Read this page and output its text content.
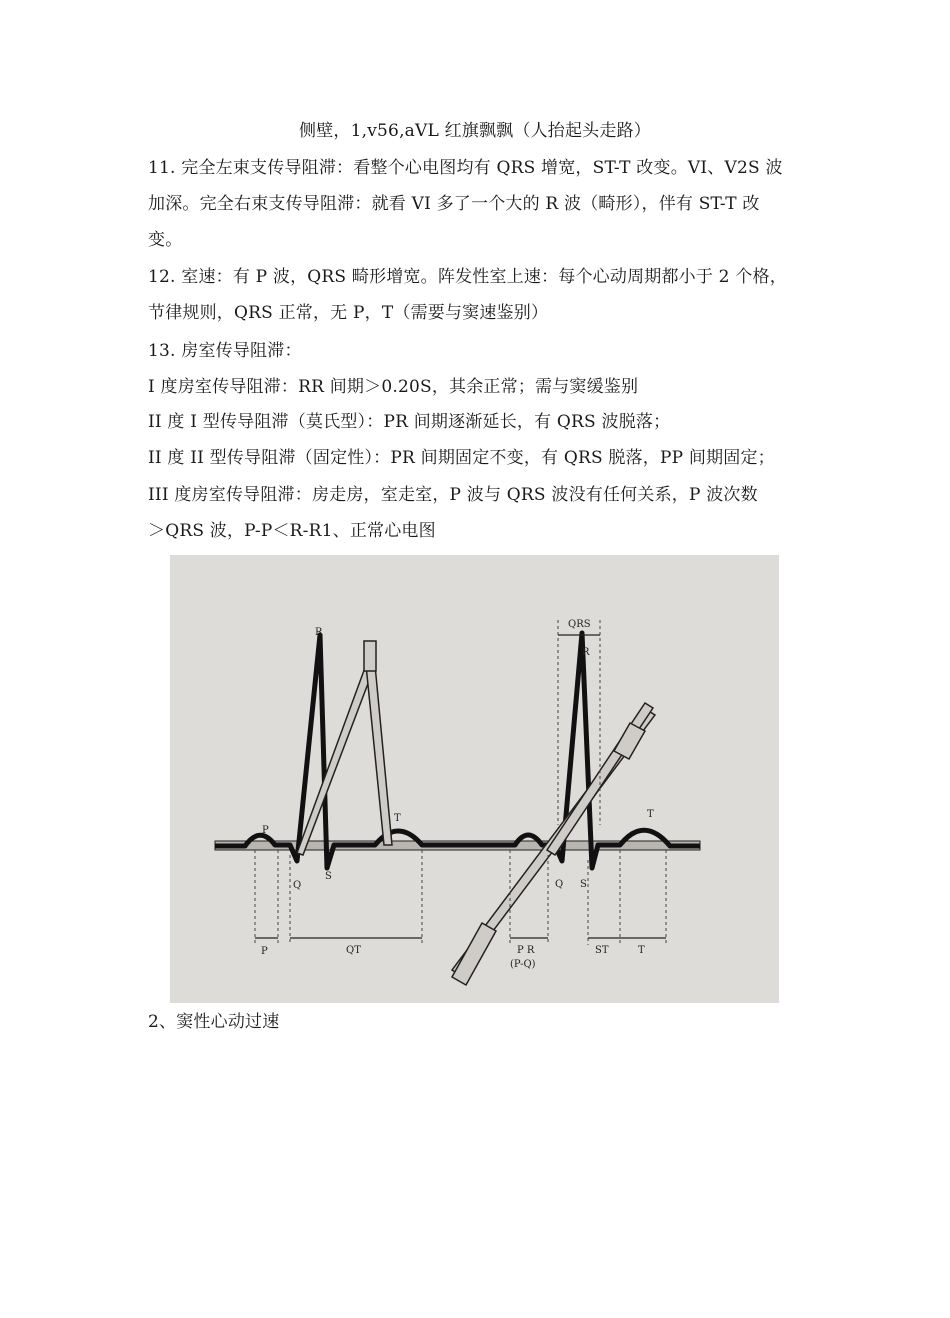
侧壁，1,v56,aVL 红旗飘飘（人抬起头走路）
11. 完全左束支传导阻滞：看整个心电图均有 QRS 增宽，ST-T 改变。VI、V2S 波
加深。完全右束支传导阻滞：就看 VI 多了一个大的 R 波（畸形），伴有 ST-T 改
变。
12. 室速：有 P 波，QRS 畸形增宽。阵发性室上速：每个心动周期都小于 2 个格，
节律规则，QRS 正常，无 P，T（需要与窦速鉴别）
13. 房室传导阻滞：
I 度房室传导阻滞：RR 间期＞0.20S，其余正常；需与窦缓鉴别
II 度 I 型传导阻滞（莫氏型）：PR 间期逐渐延长，有 QRS 波脱落；
II 度 II 型传导阻滞（固定性）：PR 间期固定不变，有 QRS 脱落，PP 间期固定；
III 度房室传导阻滞：房走房，室走室，P 波与 QRS 波没有任何关系，P 波次数
＞QRS 波，P-P＜R-R1、正常心电图
P
R
Q
S
T
QRS
R
Q S
T
P	QT	P R
(P-Q)
ST	T
2、窦性心动过速
